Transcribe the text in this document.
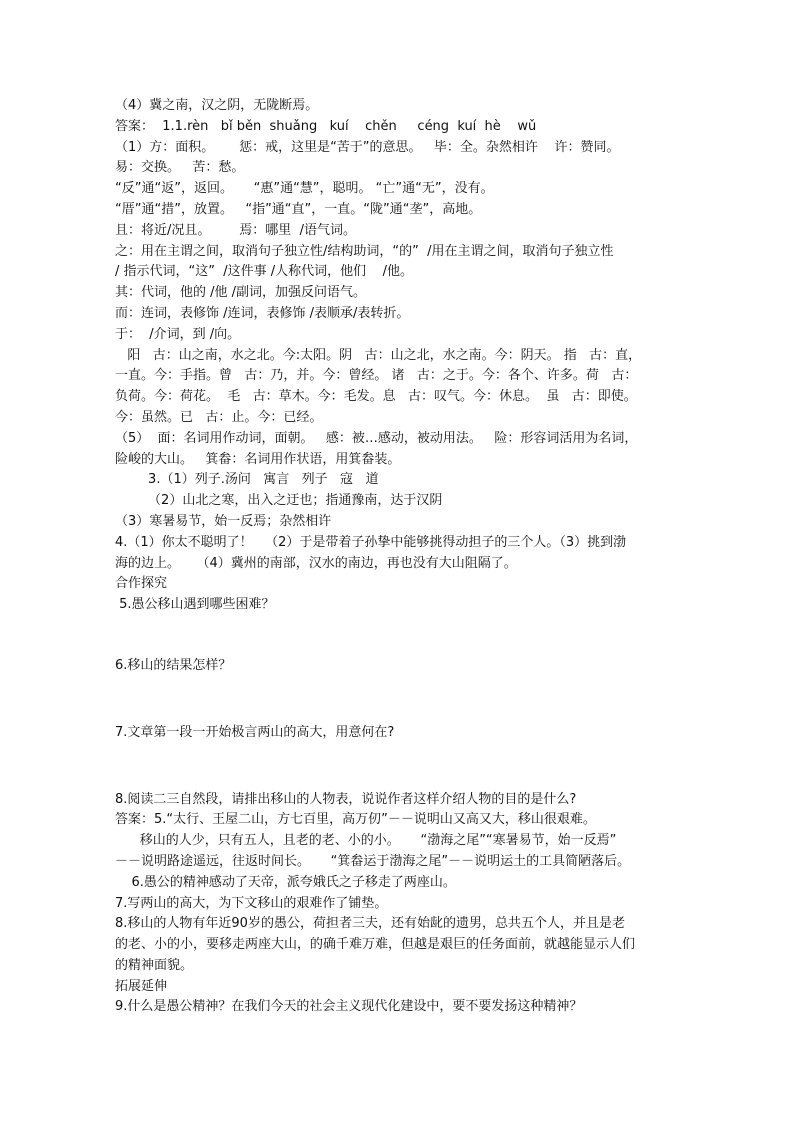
（4）冀之南，汉之阴，无陇断焉。
答案：  1.1.rèn   bǐ běn  shuǎng   kuí    chěn     céng  kuí  hè    wǔ
（1）方：面积。      惩：戒，这里是“苦于”的意思。   毕：全。杂然相许    许：赞同。
易：交换。   苦：愁。
“反”通“返”，返回。     “惠”通“慧”，聪明。 “亡”通“无”，没有。
“厝”通“措”，放置。   “指”通“直”，一直。“陇”通“垄”，高地。
且：将近/况且。       焉：哪里  /语气词。
之：用在主谓之间，取消句子独立性/结构助词，“的”  /用在主谓之间，取消句子独立性
/ 指示代词，“这”  /这件事 /人称代词，他们    /他。
其：代词，他的 /他 /副词，加强反问语气。
而：连词，表修饰 /连词，表修饰 /表顺承/表转折。
于：  /介词，到 /向。
阳   古：山之南，水之北。今:太阳。阴   古：山之北，水之南。今：阴天。 指   古：直，
一直。今：手指。曾   古：乃，并。今：曾经。 诸   古：之于。今：各个、许多。荷   古：
负荷。今：荷花。  毛   古：草木。今：毛发。息   古：叹气。今：休息。  虽   古：即使。
今：虽然。已   古：止。今：已经。
（5）  面：名词用作动词，面朝。   感：被…感动，被动用法。   险：形容词活用为名词，
险峻的大山。   箕畚：名词用作状语，用箕畚装。
3.（1）列子.汤问   寓言   列子   寇   道
（2）山北之寒，出入之迂也；指通豫南，达于汉阴
（3）寒暑易节，始一反焉；杂然相许
4.（1）你太不聪明了！   （2）于是带着子孙挚中能够挑得动担子的三个人。（3）挑到渤
海的边上。    （4）冀州的南部，汉水的南边，再也没有大山阻隔了。
合作探究
5.愚公移山遇到哪些困难？
6.移山的结果怎样？
7.文章第一段一开始极言两山的高大，用意何在?
8.阅读二三自然段，请排出移山的人物表，说说作者这样介绍人物的目的是什么?
答案：5.“太行、王屋二山，方七百里，高万仞”－－说明山又高又大，移山很艰难。
移山的人少，只有五人，且老的老、小的小。     “渤海之尾”“寒暑易节，始一反焉”
－－说明路途遥远，往返时间长。     “箕畚运于渤海之尾”－－说明运土的工具简陋落后。
6.愚公的精神感动了天帝，派夸娥氏之子移走了两座山。
7.写两山的高大，为下文移山的艰难作了铺垫。
8.移山的人物有年近90岁的愚公，荷担者三夫，还有始龀的遗男，总共五个人，并且是老
的老、小的小，要移走两座大山，的确千难万难，但越是艰巨的任务面前，就越能显示人们
的精神面貌。
拓展延伸
9.什么是愚公精神？在我们今天的社会主义现代化建设中，要不要发扬这种精神？
